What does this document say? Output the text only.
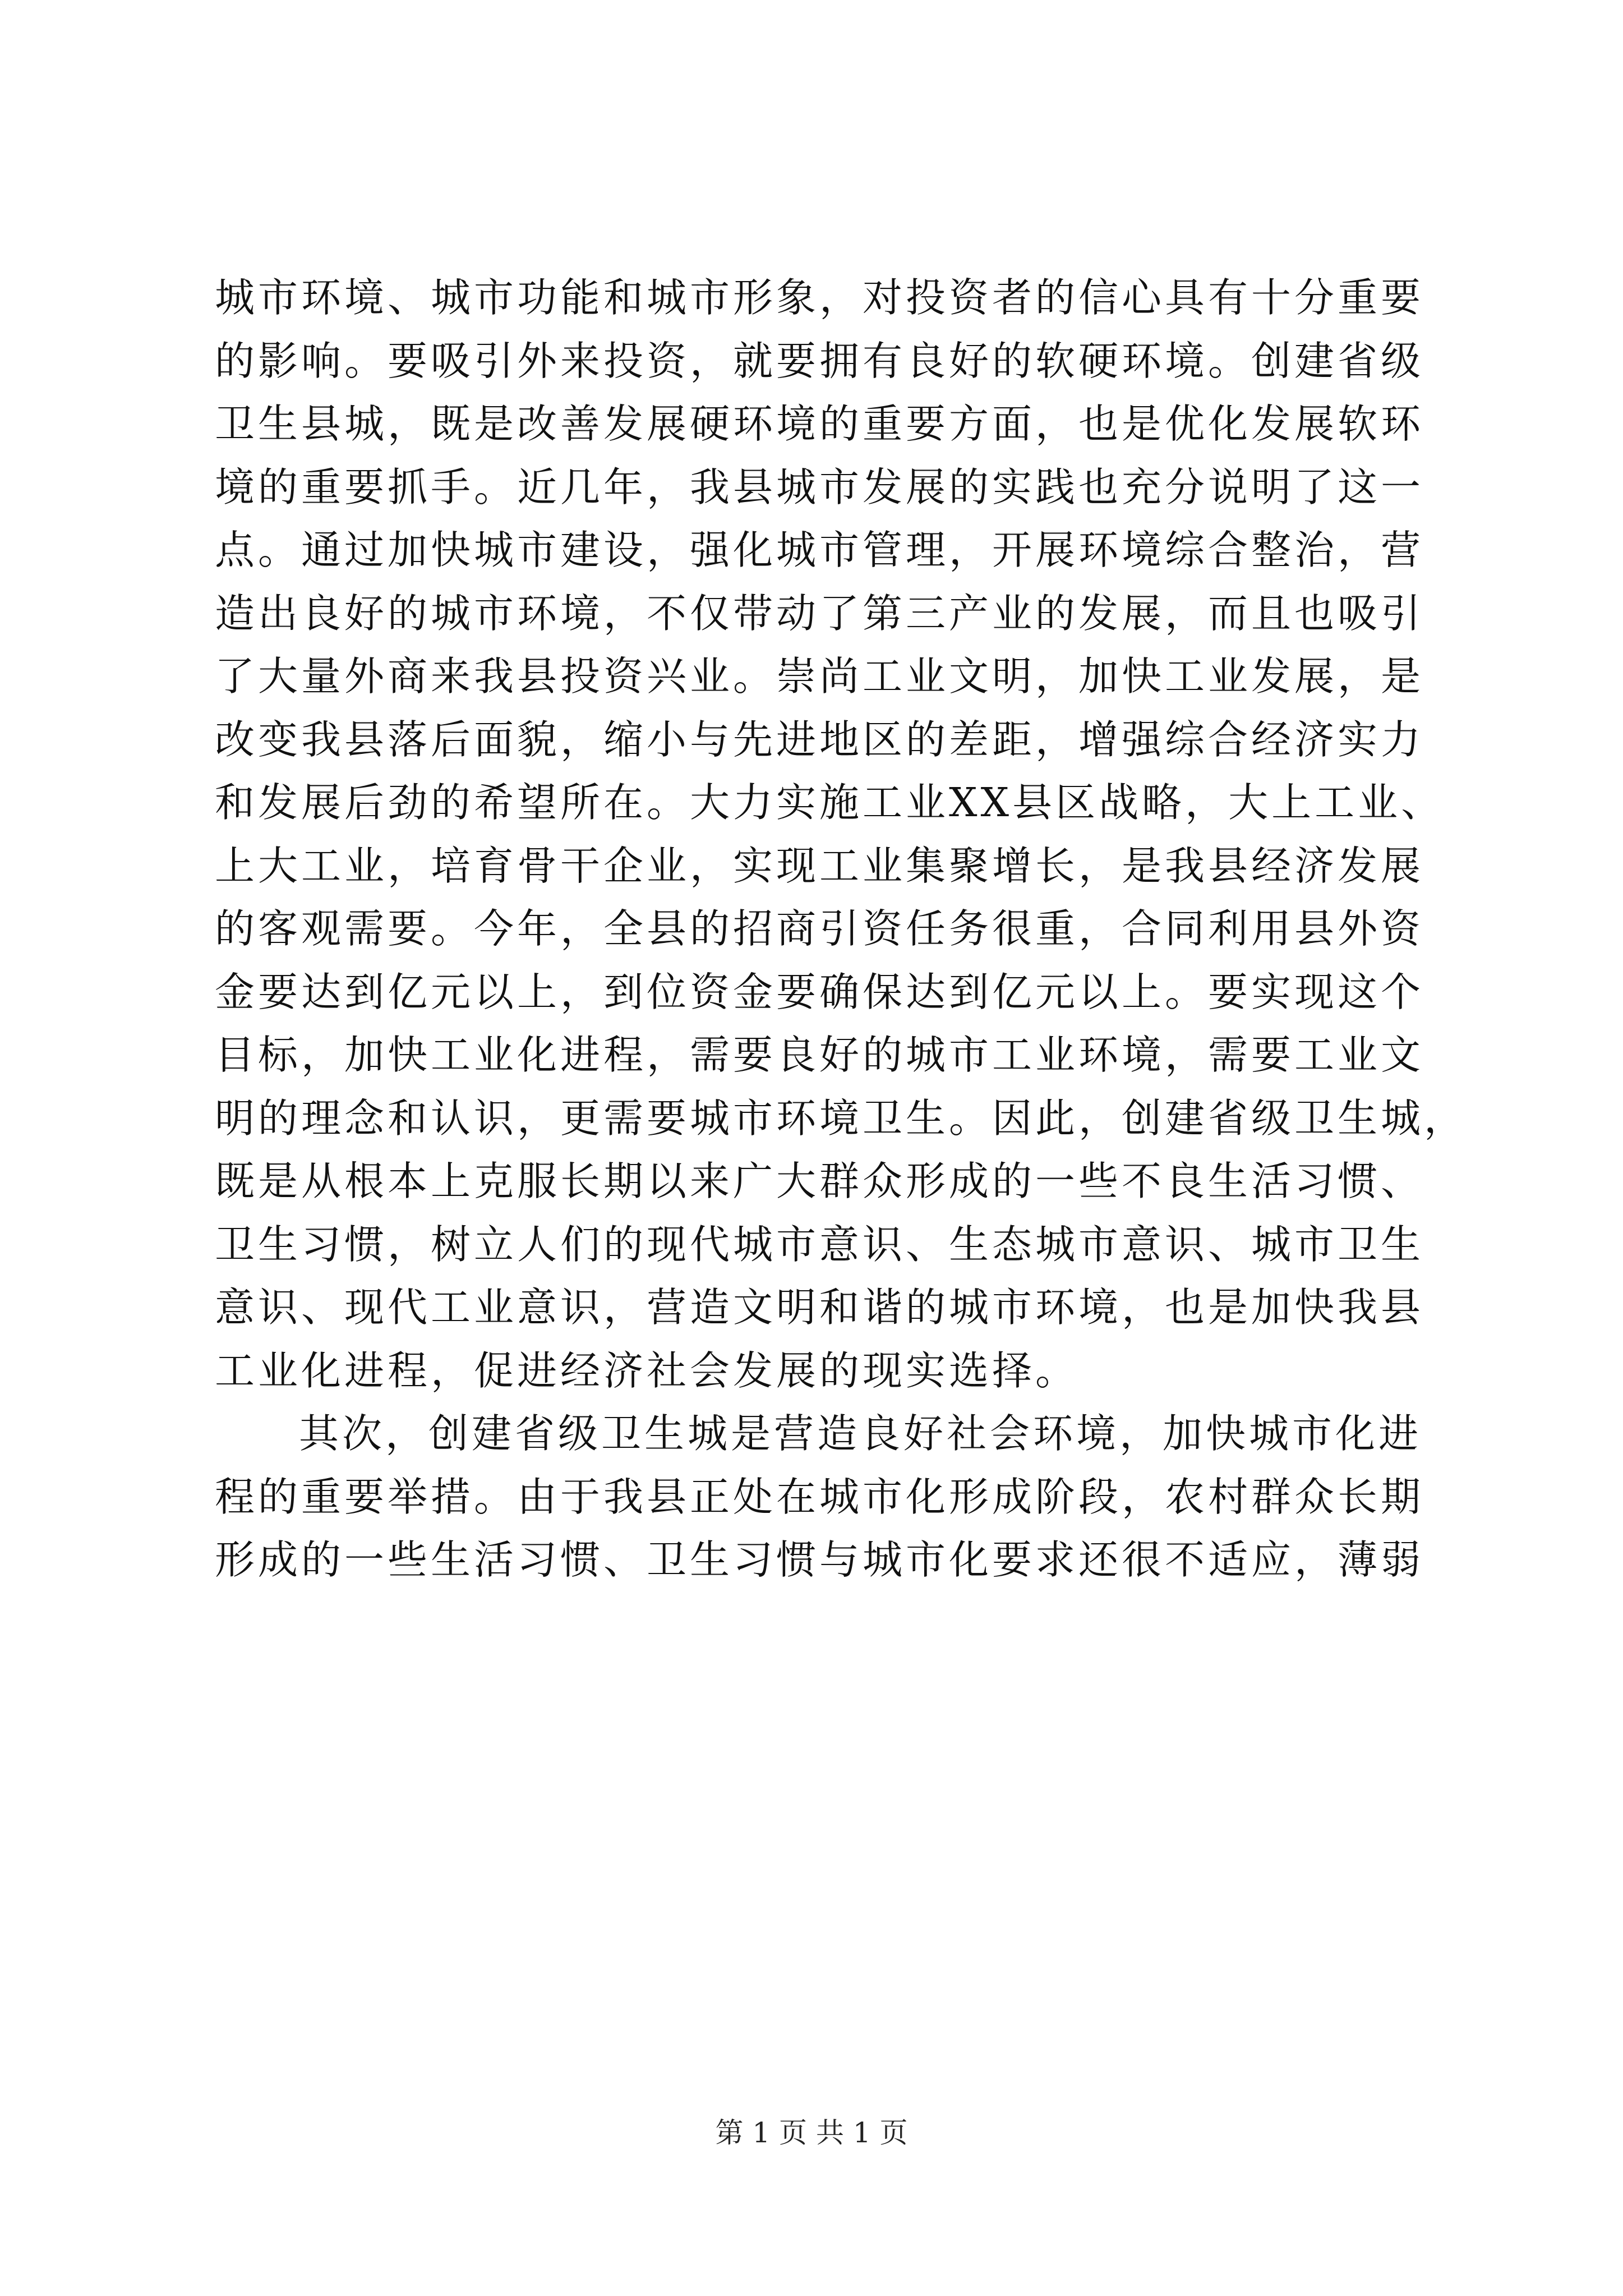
城市环境、城市功能和城市形象，对投资者的信心具有十分重要
的影响。要吸引外来投资，就要拥有良好的软硬环境。创建省级
卫生县城，既是改善发展硬环境的重要方面，也是优化发展软环
境的重要抓手。近几年，我县城市发展的实践也充分说明了这一
点。通过加快城市建设，强化城市管理，开展环境综合整治，营
造出良好的城市环境，不仅带动了第三产业的发展，而且也吸引
了大量外商来我县投资兴业。崇尚工业文明，加快工业发展，是
改变我县落后面貌，缩小与先进地区的差距，增强综合经济实力
和发展后劲的希望所在。大力实施工业XX县区战略，大上工业、
上大工业，培育骨干企业，实现工业集聚增长，是我县经济发展
的客观需要。今年，全县的招商引资任务很重，合同利用县外资
金要达到亿元以上，到位资金要确保达到亿元以上。要实现这个
目标，加快工业化进程，需要良好的城市工业环境，需要工业文
明的理念和认识，更需要城市环境卫生。因此，创建省级卫生城，
既是从根本上克服长期以来广大群众形成的一些不良生活习惯、
卫生习惯，树立人们的现代城市意识、生态城市意识、城市卫生
意识、现代工业意识，营造文明和谐的城市环境，也是加快我县
工业化进程，促进经济社会发展的现实选择。
其次，创建省级卫生城是营造良好社会环境，加快城市化进
程的重要举措。由于我县正处在城市化形成阶段，农村群众长期
形成的一些生活习惯、卫生习惯与城市化要求还很不适应，薄弱
第 1 页 共 1 页
